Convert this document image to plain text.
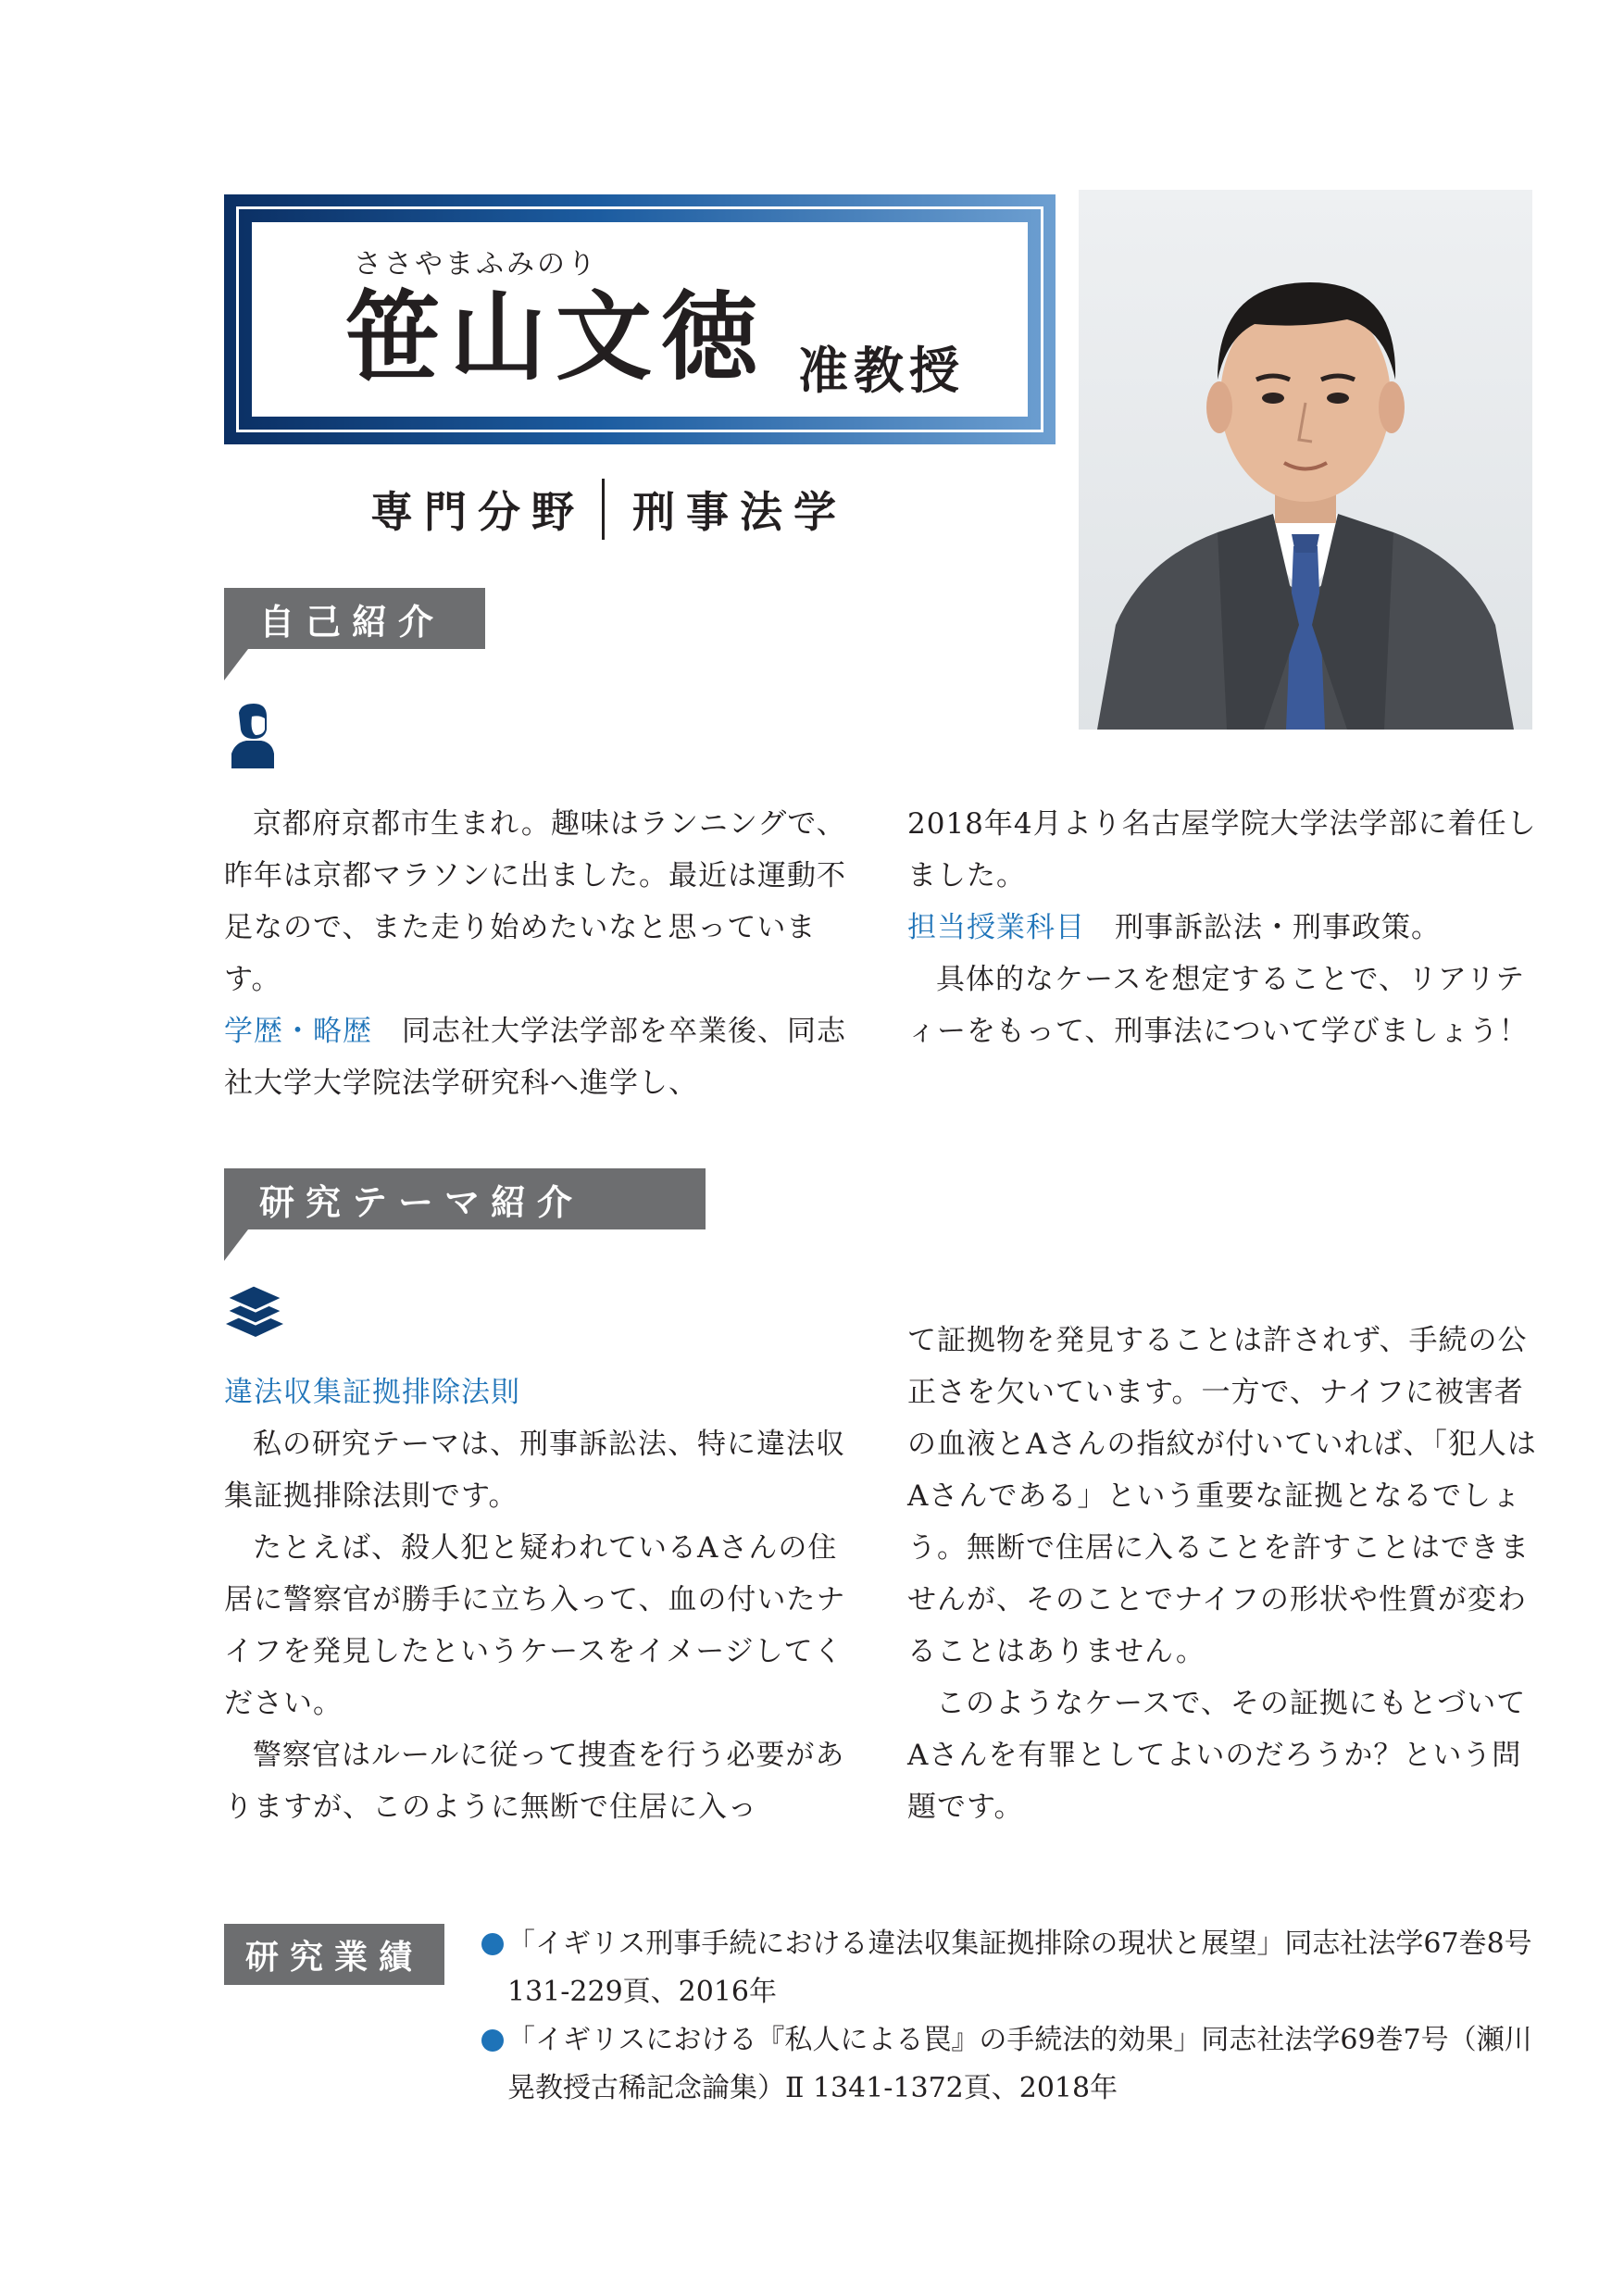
ささやまふみのり
笹山文徳 准教授
専門分野 刑事法学
自己紹介

京都府京都市生まれ。趣味はランニングで、昨年は京都マラソンに出ました。最近は運動不足なので、また走り始めたいなと思っています。

学歴・略歴　同志社大学法学部を卒業後、同志社大学大学院法学研究科へ進学し、

2018年4月より名古屋学院大学法学部に着任しました。

担当授業科目　 刑事訴訟法・刑事政策。

具体的なケースを想定することで、リアリティーをもって、刑事法について学びましょう！

研究テーマ紹介

違法収集証拠排除法則

私の研究テーマは、刑事訴訟法、特に違法収集証拠排除法則です。

たとえば、殺人犯と疑われているAさんの住居に警察官が勝手に立ち入って、血の付いたナイフを発見したというケースをイメージしてください。

警察官はルールに従って捜査を行う必要がありますが、このように無断で住居に入っ

て証拠物を発見することは許されず、手続の公正さを欠いています。一方で、ナイフに被害者の血液とAさんの指紋が付いていれば、「犯人はAさんである」という重要な証拠となるでしょう。無断で住居に入ることを許すことはできませんが、そのことでナイフの形状や性質が変わることはありません。

このようなケースで、その証拠にもとづいてAさんを有罪としてよいのだろうか？という問題です。

研究業績	「イギリス刑事手続における違法収集証拠排除の現状と展望」同志社法学67巻8号 131-229頁、2016年
「イギリスにおける『私人による罠』の手続法的効果」同志社法学69巻7号（瀬川晃教授古稀記念論集）Ⅱ 1341-1372頁、2018年
